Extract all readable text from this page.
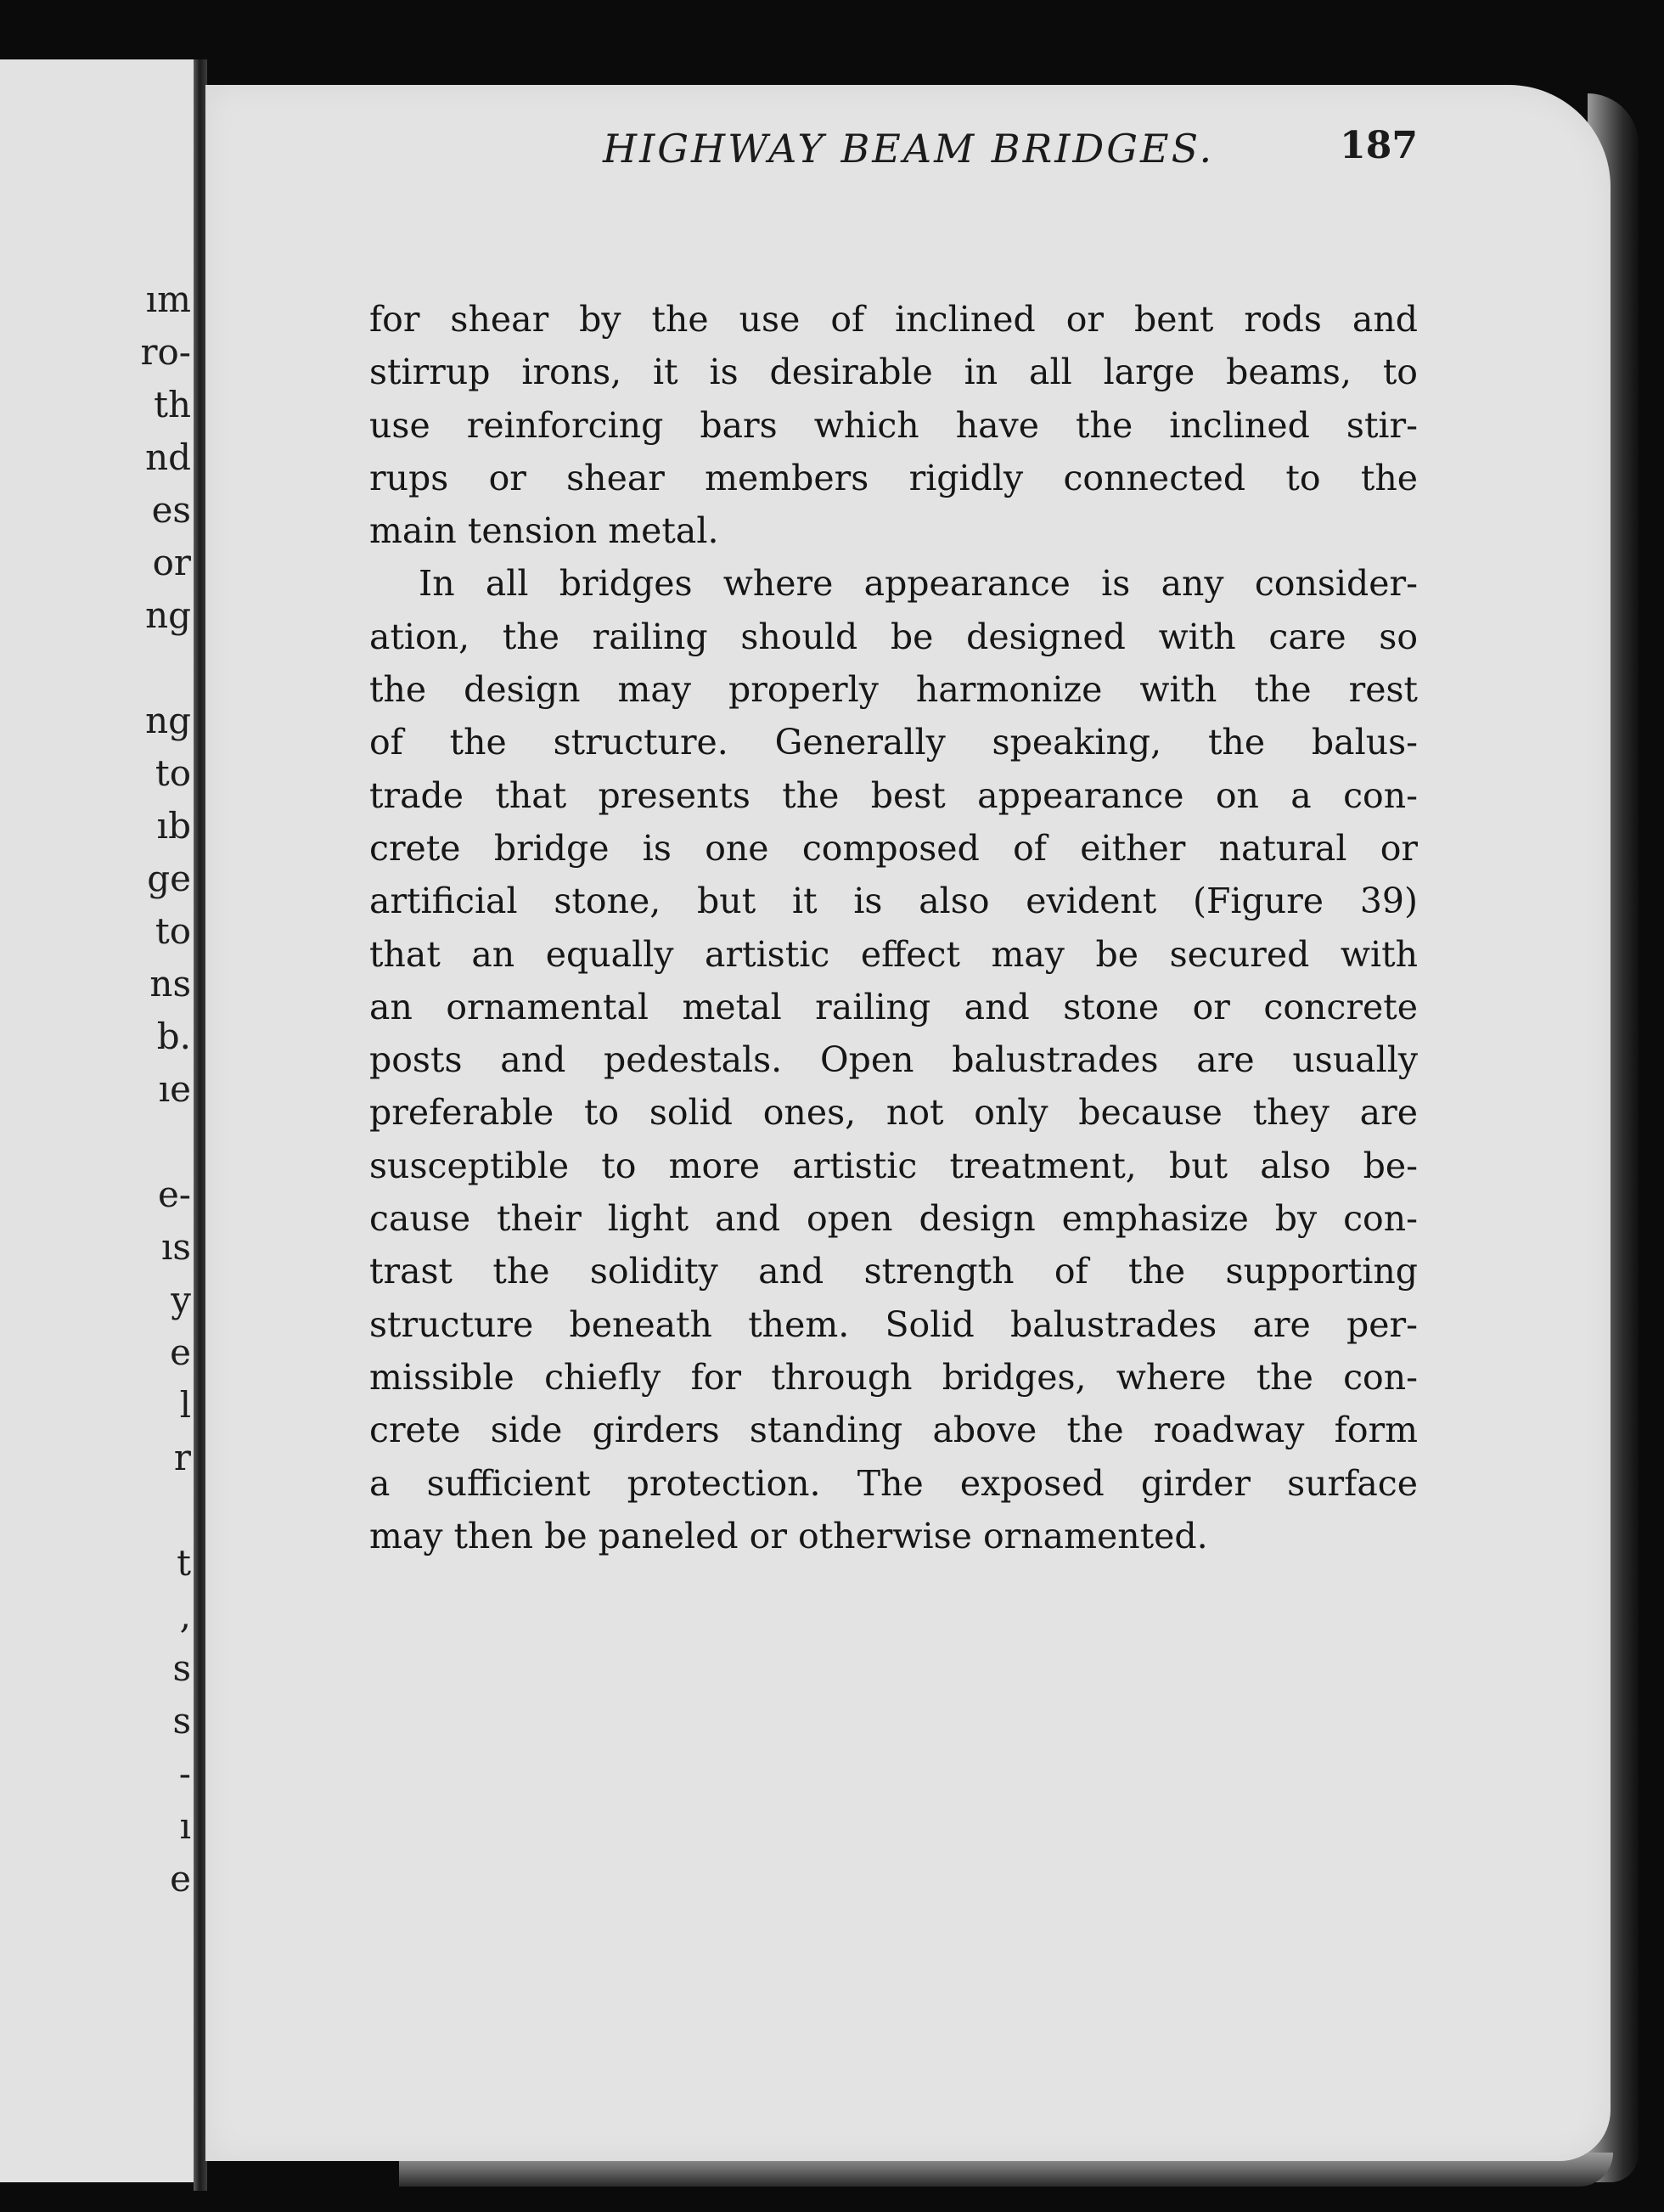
ım
ro-
th
nd
es
or
ng
ng
to
ıb
ge
to
ns
b.
ıe
e-
ıs
y
e
l
r
t
,
s
s
-
ı
e
HIGHWAY BEAM BRIDGES.	187
for shear by the use of inclined or bent rods and
stirrup irons, it is desirable in all large beams, to
use reinforcing bars which have the inclined stir-
rups or shear members rigidly connected to the
main tension metal.
In all bridges where appearance is any consider-
ation, the railing should be designed with care so
the design may properly harmonize with the rest
of the structure. Generally speaking, the balus-
trade that presents the best appearance on a con-
crete bridge is one composed of either natural or
artificial stone, but it is also evident (Figure 39)
that an equally artistic effect may be secured with
an ornamental metal railing and stone or concrete
posts and pedestals. Open balustrades are usually
preferable to solid ones, not only because they are
susceptible to more artistic treatment, but also be-
cause their light and open design emphasize by con-
trast the solidity and strength of the supporting
structure beneath them. Solid balustrades are per-
missible chiefly for through bridges, where the con-
crete side girders standing above the roadway form
a sufficient protection. The exposed girder surface
may then be paneled or otherwise ornamented.
